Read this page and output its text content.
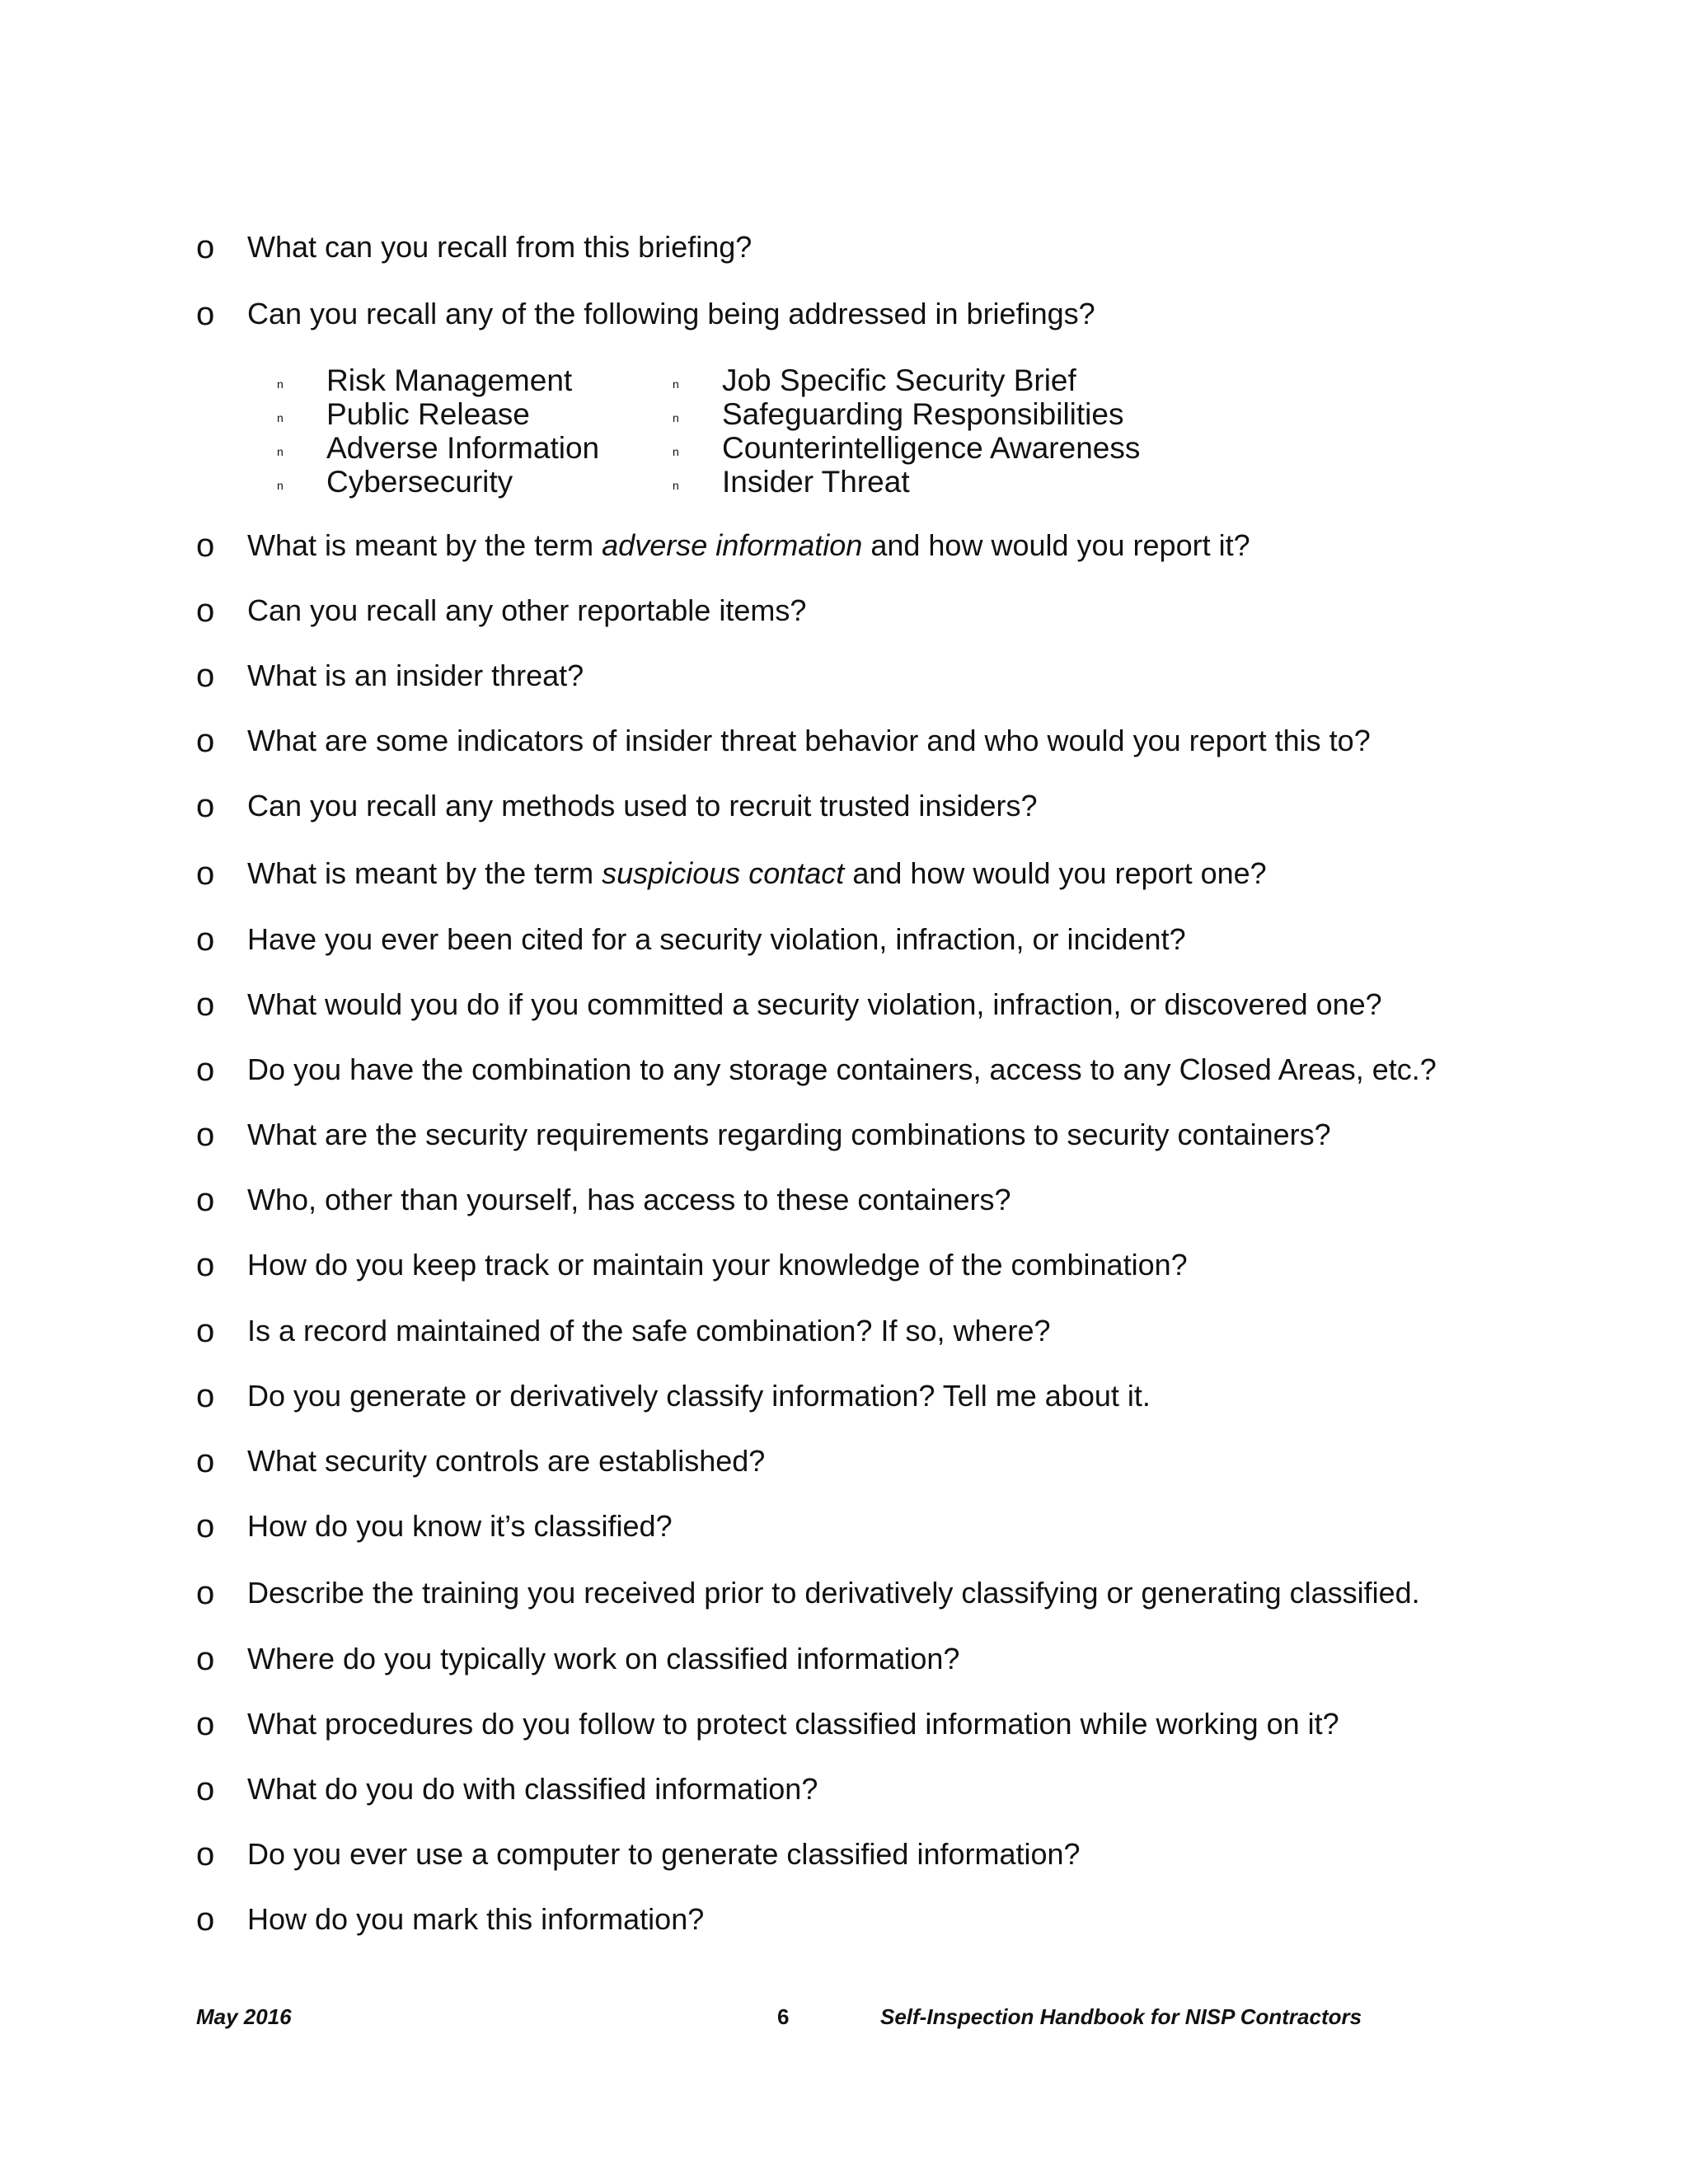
o What can you recall from this briefing?
o Can you recall any of the following being addressed in briefings?
n Risk Management
n Public Release
n Adverse Information
n Cybersecurity
n Job Specific Security Brief
n Safeguarding Responsibilities
n Counterintelligence Awareness
n Insider Threat
o What is meant by the term adverse information and how would you report it?
o Can you recall any other reportable items?
o What is an insider threat?
o What are some indicators of insider threat behavior and who would you report this to?
o Can you recall any methods used to recruit trusted insiders?
o What is meant by the term suspicious contact and how would you report one?
o Have you ever been cited for a security violation, infraction, or incident?
o What would you do if you committed a security violation, infraction, or discovered one?
o Do you have the combination to any storage containers, access to any Closed Areas, etc.?
o What are the security requirements regarding combinations to security containers?
o Who, other than yourself, has access to these containers?
o How do you keep track or maintain your knowledge of the combination?
o Is a record maintained of the safe combination? If so, where?
o Do you generate or derivatively classify information? Tell me about it.
o What security controls are established?
o How do you know it’s classified?
o Describe the training you received prior to derivatively classifying or generating classified.
o Where do you typically work on classified information?
o What procedures do you follow to protect classified information while working on it?
o What do you do with classified information?
o Do you ever use a computer to generate classified information?
o How do you mark this information?
May 2016	6	Self-Inspection Handbook for NISP Contractors
